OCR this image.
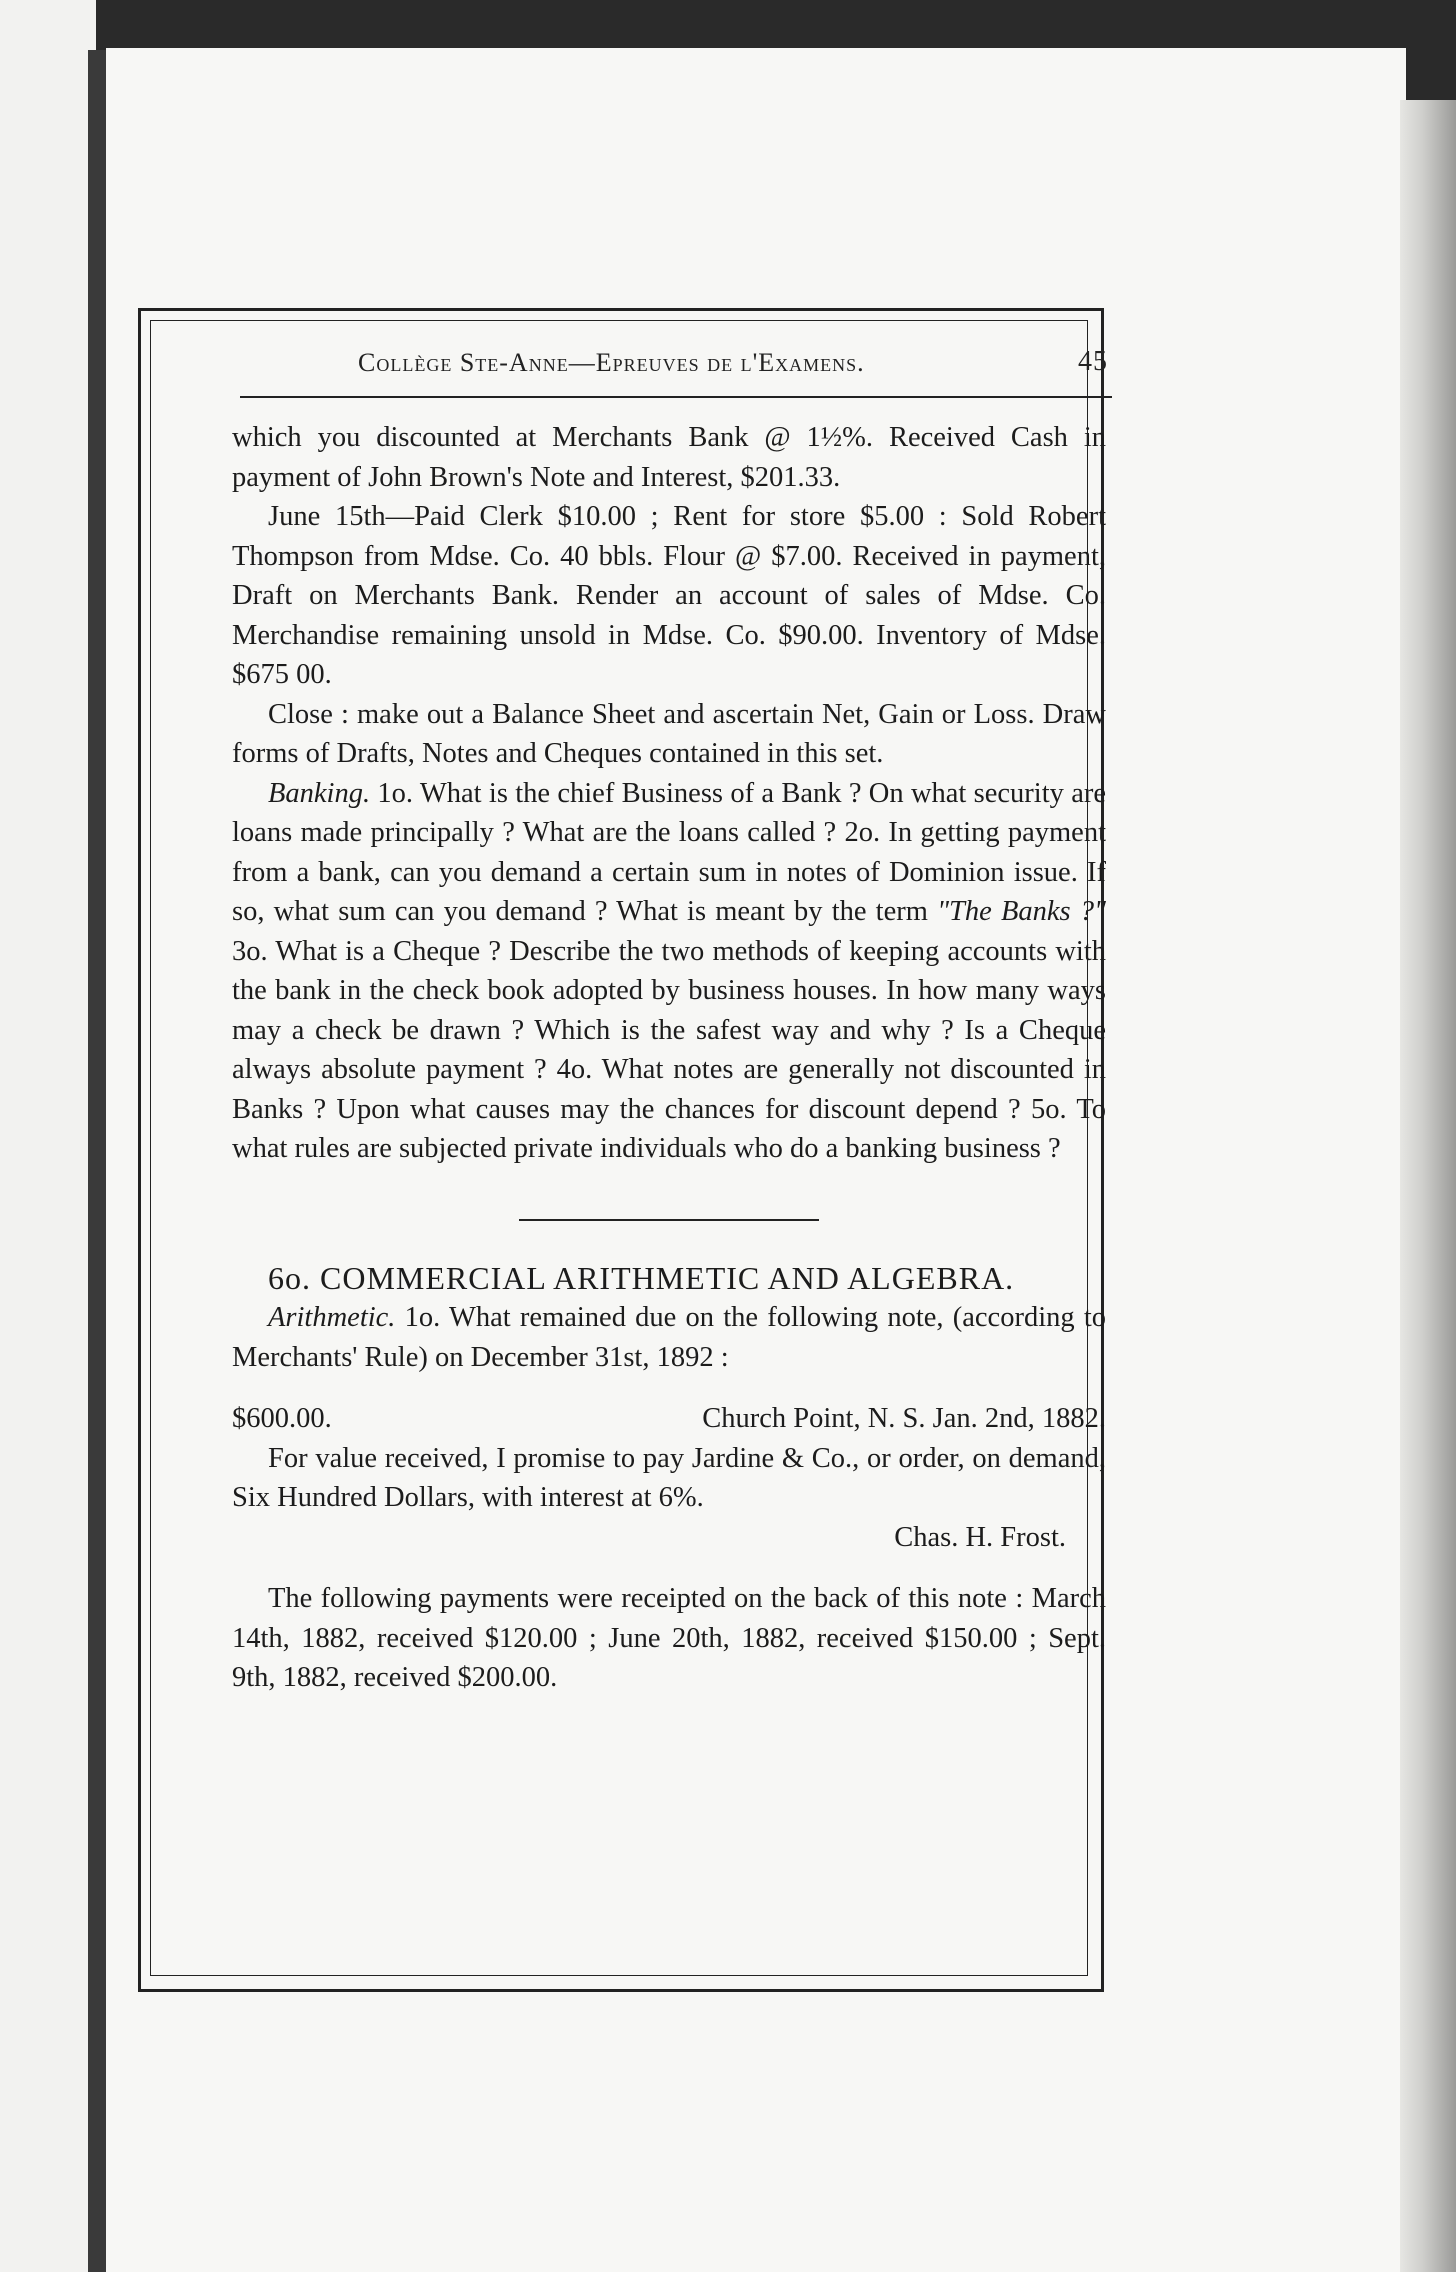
Collège Ste-Anne—Epreuves de l'Examens.	45

which you discounted at Merchants Bank @ 1½%. Received Cash in payment of John Brown's Note and Interest, $201.33.

June 15th—Paid Clerk $10.00 ; Rent for store $5.00 : Sold Robert Thompson from Mdse. Co. 40 bbls. Flour @ $7.00. Received in payment, Draft on Merchants Bank. Render an account of sales of Mdse. Co. Merchandise remaining unsold in Mdse. Co. $90.00. Inventory of Mdse. $675 00.

Close : make out a Balance Sheet and ascertain Net, Gain or Loss. Draw forms of Drafts, Notes and Cheques contained in this set.

Banking. 1o. What is the chief Business of a Bank ? On what security are loans made principally ? What are the loans called ? 2o. In getting payment from a bank, can you demand a certain sum in notes of Dominion issue. If so, what sum can you demand ? What is meant by the term "The Banks ?" 3o. What is a Cheque ? Describe the two methods of keeping accounts with the bank in the check book adopted by business houses. In how many ways may a check be drawn ? Which is the safest way and why ? Is a Cheque always absolute payment ? 4o. What notes are generally not discounted in Banks ? Upon what causes may the chances for discount depend ? 5o. To what rules are subjected private individuals who do a banking business ?

6o. COMMERCIAL ARITHMETIC AND ALGEBRA.

Arithmetic. 1o. What remained due on the following note, (according to Merchants' Rule) on December 31st, 1892 :

$600.00.	Church Point, N. S. Jan. 2nd, 1882.

For value received, I promise to pay Jardine & Co., or order, on demand, Six Hundred Dollars, with interest at 6%.

Chas. H. Frost.

The following payments were receipted on the back of this note : March 14th, 1882, received $120.00 ; June 20th, 1882, received $150.00 ; Sept. 9th, 1882, received $200.00.
